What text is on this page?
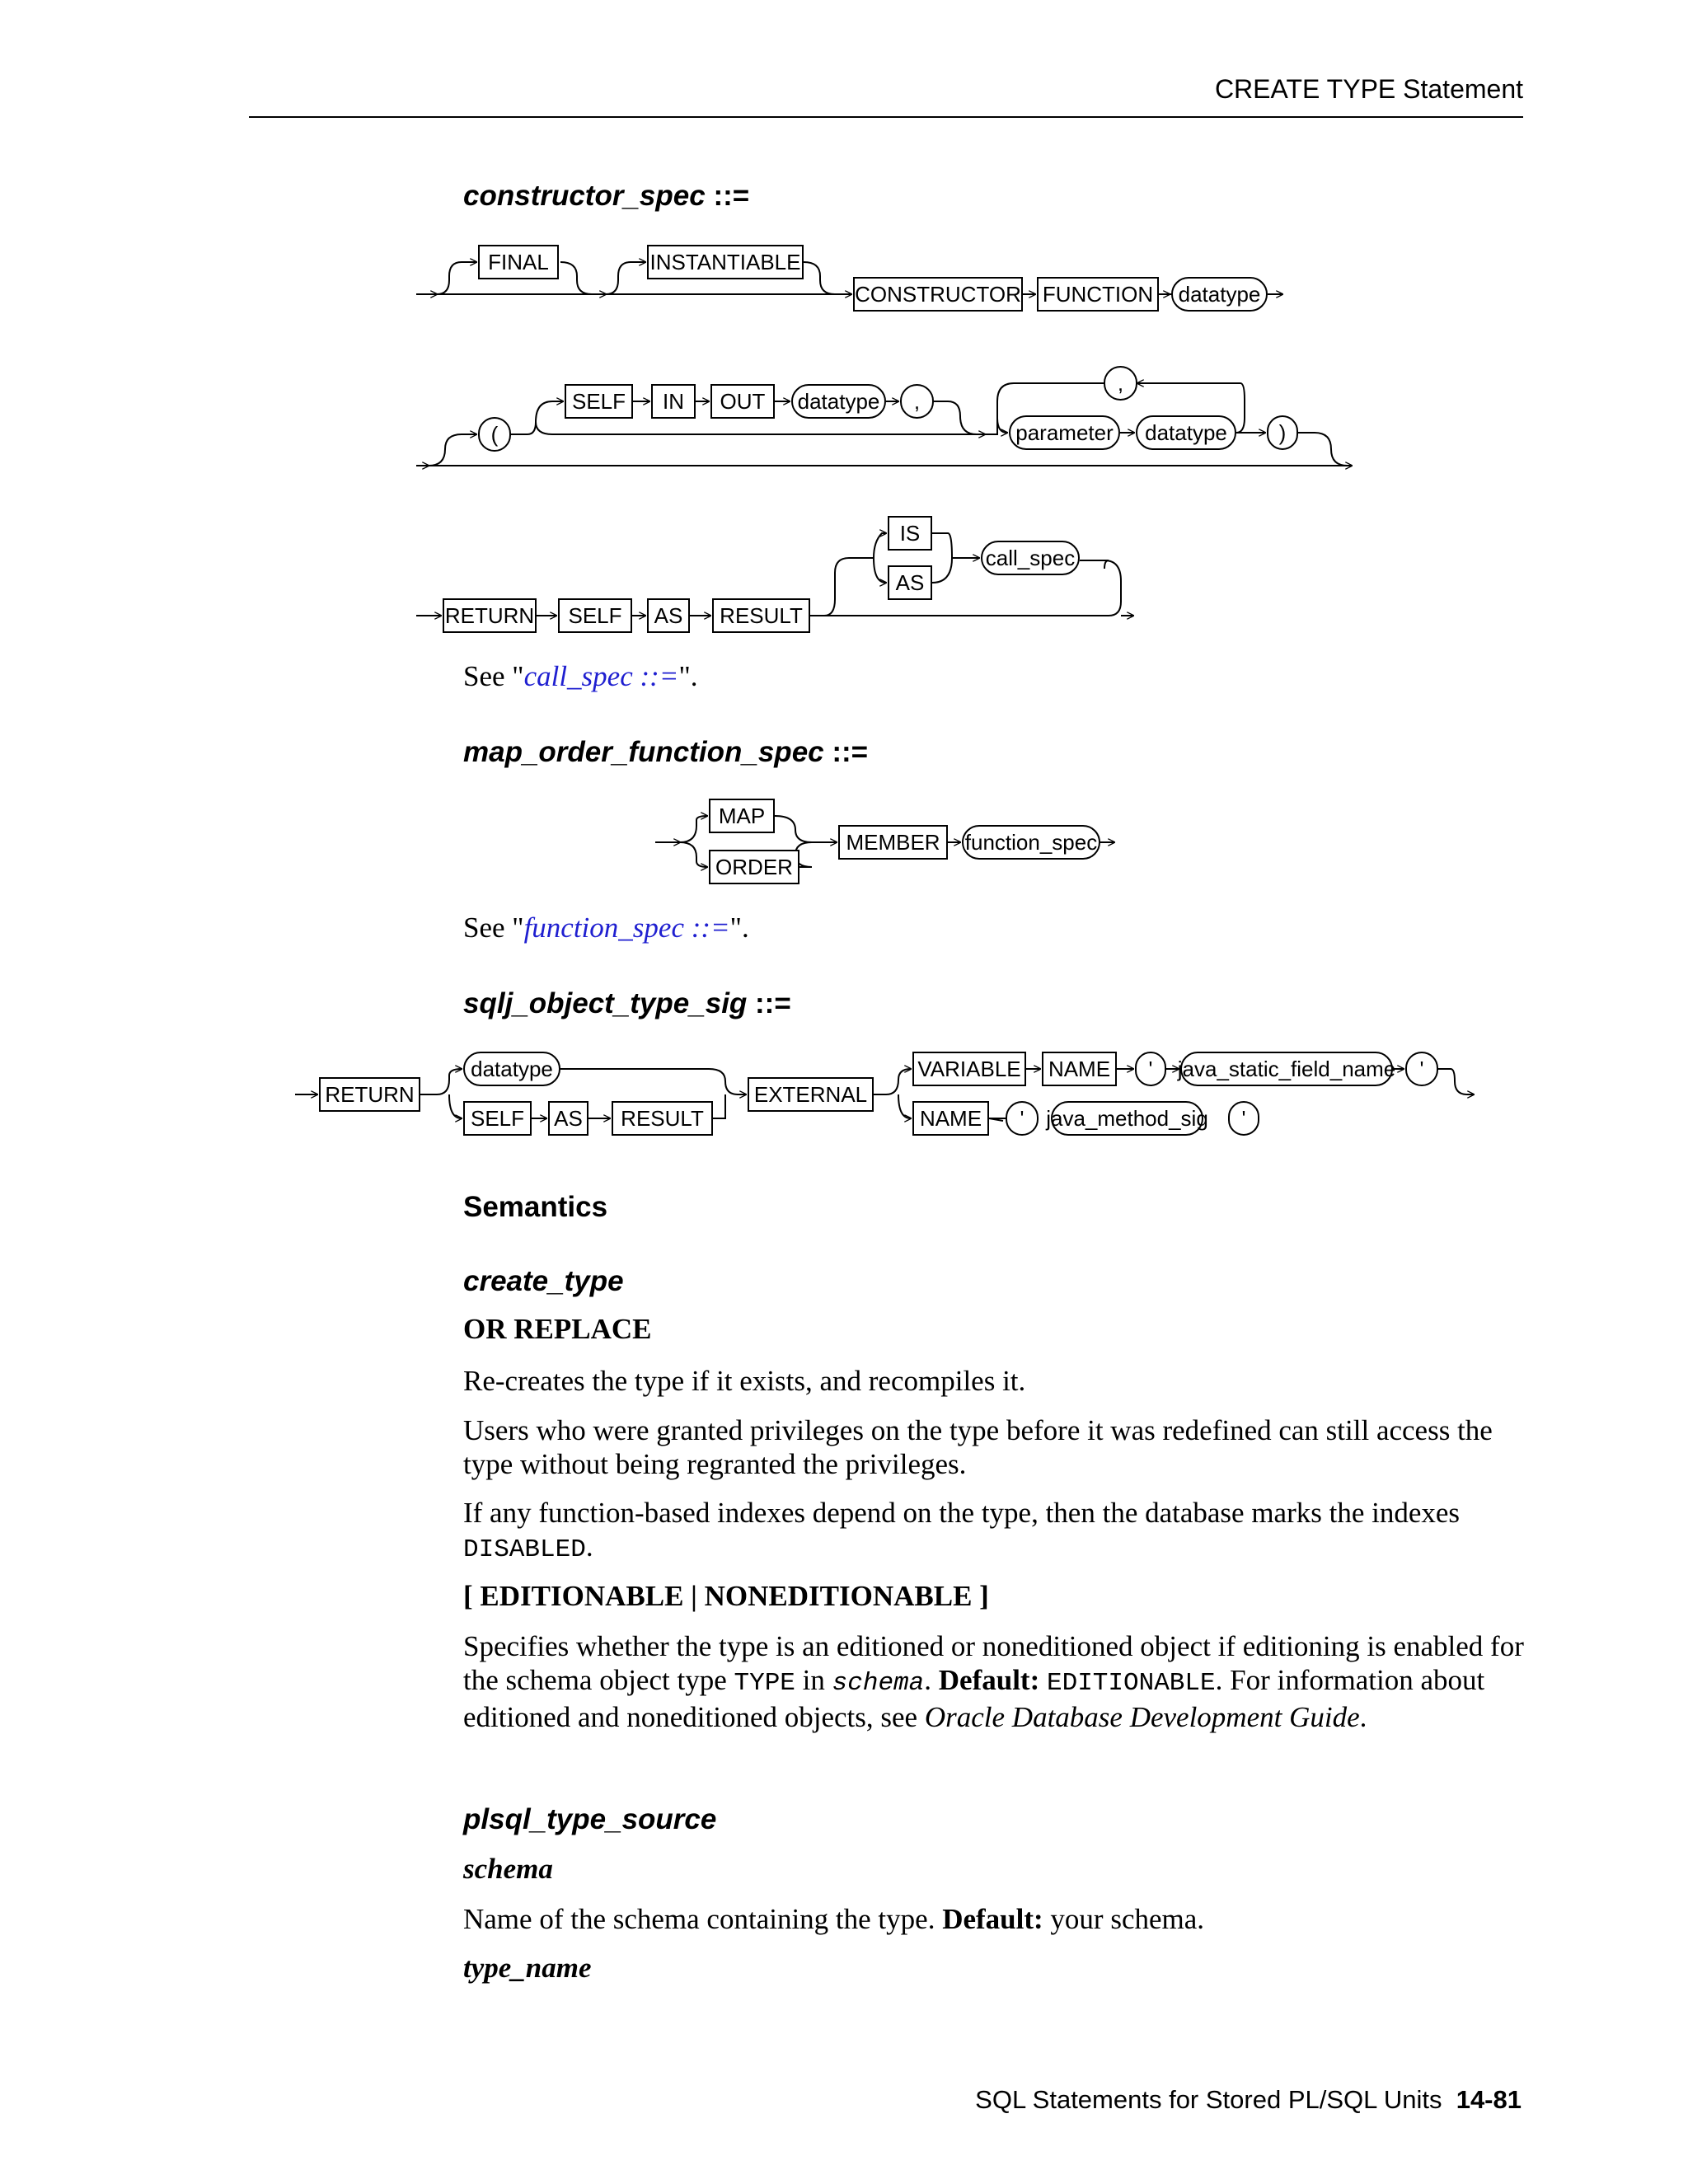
CREATE TYPE Statement
constructor_spec ::=
FINAL	INSTANTIABLE
CONSTRUCTOR FUNCTION	datatype
(
SELF	IN	OUT	datatype	,
,
parameter	datatype	)
RETURN	SELF	AS	RESULT
IS
AS
call_spec
MAP
ORDER
MEMBER	function_spec
RETURN
datatype
SELF	AS	RESULT
EXTERNAL
VARIABLE	NAME	'	java_static_field_name	'
NAME	'	java_method_sig	'
See "call_spec ::=".
map_order_function_spec ::=
See "function_spec ::=".
sqlj_object_type_sig ::=
Semantics
create_type
OR REPLACE
Re-creates the type if it exists, and recompiles it.
Users who were granted privileges on the type before it was redefined can still access the type without being regranted the privileges.
If any function-based indexes depend on the type, then the database marks the indexes DISABLED.
[ EDITIONABLE | NONEDITIONABLE ]
Specifies whether the type is an editioned or noneditioned object if editioning is enabled for the schema object type TYPE in schema. Default: EDITIONABLE. For information about editioned and noneditioned objects, see Oracle Database Development Guide.
plsql_type_source
schema
Name of the schema containing the type. Default: your schema.
type_name
SQL Statements for Stored PL/SQL Units 14-81
